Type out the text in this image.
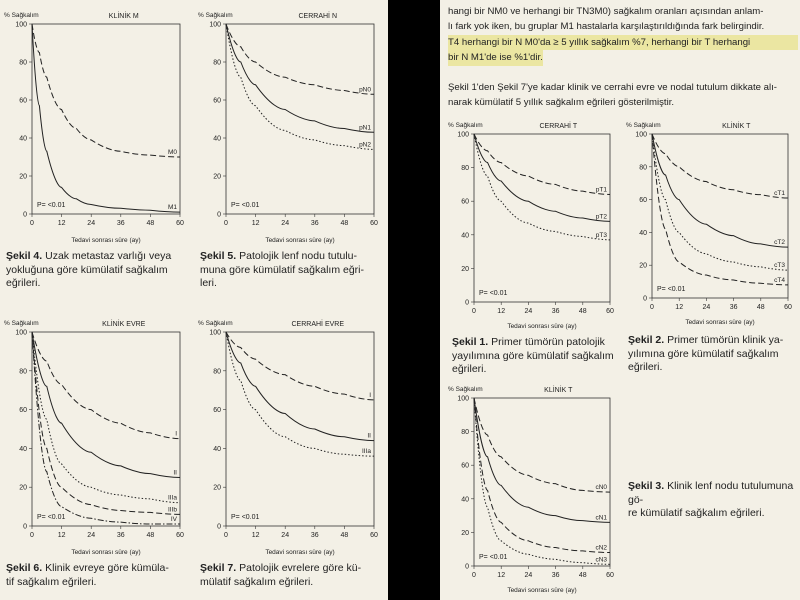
hangi bir NM0 ve herhangi bir TN3M0) sağkalım oranları açısından anlam-
lı fark yok iken, bu gruplar M1 hastalarla karşılaştırıldığında fark belirgindir.
T4 herhangi bir N M0'da ≥ 5 yıllık sağkalım %7, herhangi bir T herhangi
bir N M1'de ise %1'dir.
Şekil 1'den Şekil 7'ye kadar klinik ve cerrahi evre ve nodal tutulum dikkate alı-
narak kümülatif 5 yıllık sağkalım eğrileri gösterilmiştir.
% Sağkalım	KLİNİK M
0	12	24	36	48	60
0
20
40
60
80
100
Tedavi sonrası süre (ay)
P= <0.01
M0
M1
% Sağkalım	CERRAHİ N
0	12	24	36	48	60
0
20
40
60
80
100
Tedavi sonrası süre (ay)
P= <0.01
pN0
pN1
pN2
% Sağkalım	KLİNİK EVRE
0	12	24	36	48	60
0
20
40
60
80
100
Tedavi sonrası süre (ay)
P= <0.01
I
II
IIIa
IIIb
IV
% Sağkalım	CERRAHİ EVRE
0	12	24	36	48	60
0
20
40
60
80
100
Tedavi sonrası süre (ay)
P= <0.01
I
II
IIIa
% Sağkalım	CERRAHİ T
0	12	24	36	48	60
0
20
40
60
80
100
Tedavi sonrası süre (ay)
P= <0.01
pT1
pT2
pT3
% Sağkalım	KLİNİK T
0	12	24	36	48	60
0
20
40
60
80
100
Tedavi sonrası süre (ay)
P= <0.01
cT1
cT2
cT3
cT4
% Sağkalım	KLİNİK T
0	12	24	36	48	60
0
20
40
60
80
100
Tedavi sonrası süre (ay)
P= <0.01
cN0
cN1
cN2
cN3
Şekil 4. Uzak metastaz varlığı veya
yokluğuna göre kümülatif sağkalım
eğrileri.
Şekil 5. Patolojik lenf nodu tutulu-
muna göre kümülatif sağkalım eğri-
leri.
Şekil 6. Klinik evreye göre kümüla-
tif sağkalım eğrileri.
Şekil 7. Patolojik evrelere göre kü-
mülatif sağkalım eğrileri.
Şekil 1. Primer tümörün patolojik
yayılımına göre kümülatif sağkalım
eğrileri.
Şekil 2. Primer tümörün klinik ya-
yılımına göre kümülatif sağkalım
eğrileri.
Şekil 3. Klinik lenf nodu tutulumuna gö-
re kümülatif sağkalım eğrileri.
